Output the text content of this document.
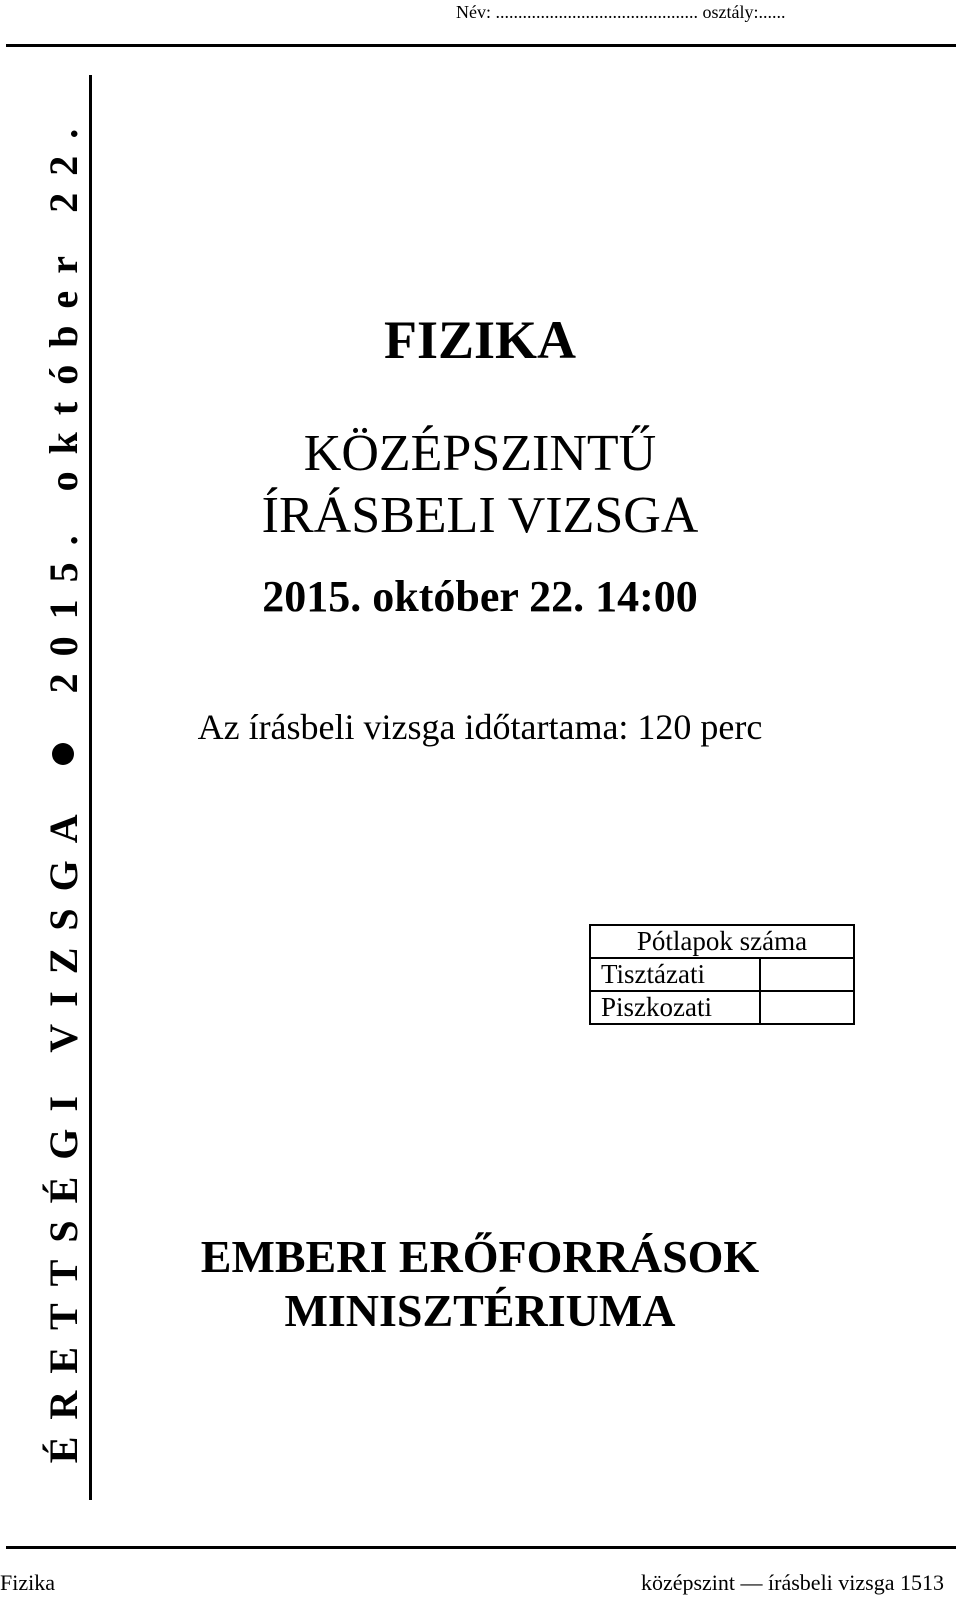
Név: ............................................. osztály:......
ÉRETTSÉGI VIZSGA
2015. október 22.	FIZIKA
KÖZÉPSZINTŰ
ÍRÁSBELI VIZSGA
2015. október 22. 14:00
Az írásbeli vizsga időtartama: 120 perc
Pótlapok száma	
Tisztázati	
Piszkozati	
EMBERI ERŐFORRÁSOK
MINISZTÉRIUMA
Fizika	középszint — írásbeli vizsga 1513
